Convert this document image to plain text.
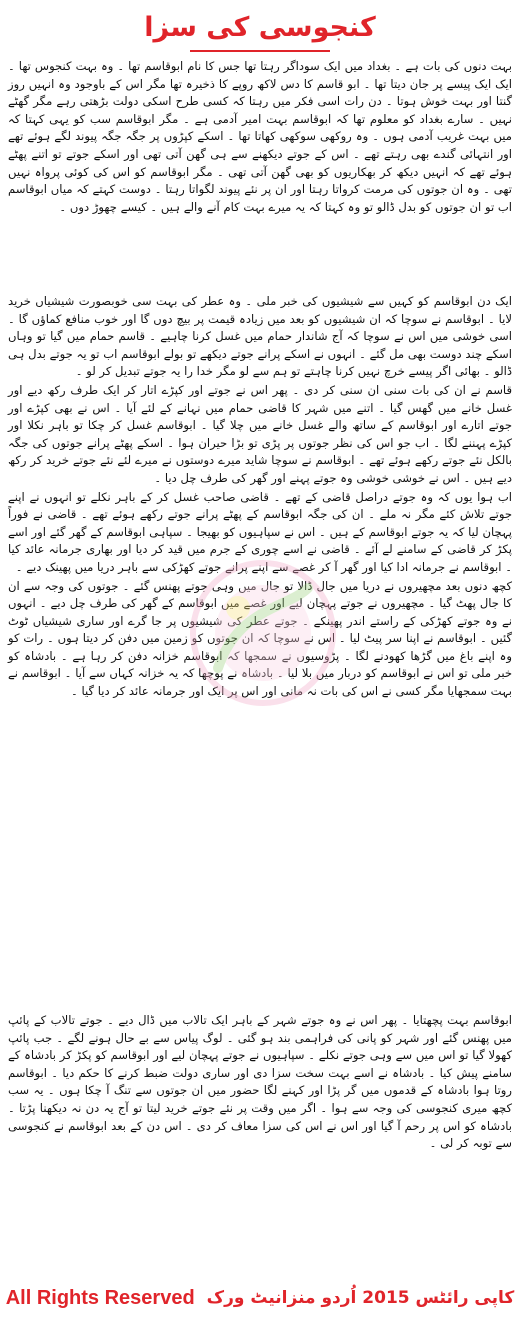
کنجوسی کی سزا

بہت دنوں کی بات ہے ۔ بغداد میں ایک سوداگر رہتا تھا جس کا نام ابوقاسم تھا ۔ وہ بہت کنجوس تھا ۔ ایک ایک پیسے پر جان دیتا تھا ۔ ابو قاسم کا دس لاکھ روپے کا ذخیرہ تھا مگر اس کے باوجود وہ انہیں روز گنتا اور بہت خوش ہوتا ۔ دن رات اسی فکر میں رہتا کہ کسی طرح اسکی دولت بڑھتی رہے مگر گھٹے نہیں ۔ سارے بغداد کو معلوم تھا کہ ابوقاسم بہت امیر آدمی ہے ۔ مگر ابوقاسم سب کو یہی کہتا کہ میں بہت غریب آدمی ہوں ۔ وہ روکھی سوکھی کھاتا تھا ۔ اسکے کپڑوں پر جگہ جگہ پیوند لگے ہوئے تھے اور انتہائی گندے بھی رہتے تھے ۔ اس کے جوتے دیکھنے سے ہی گھن آتی تھی اور اسکے جوتے تو اتنے پھٹے ہوئے تھے کہ انہیں دیکھ کر بھکاریوں کو بھی گھن آتی تھی ۔ مگر ابوقاسم کو اس کی کوئی پرواہ نہیں تھی ۔ وہ ان جوتوں کی مرمت کرواتا رہتا اور ان پر نئے پیوند لگواتا رہتا ۔ دوست کہتے کہ میاں ابوقاسم اب تو ان جوتوں کو بدل ڈالو تو وہ کہتا کہ یہ میرے بہت کام آنے والے ہیں ۔ کیسے چھوڑ دوں ۔

ایک دن ابوقاسم کو کہیں سے شیشیوں کی خبر ملی ۔ وہ عطر کی بہت سی خوبصورت شیشیاں خرید لایا ۔ ابوقاسم نے سوچا کہ ان شیشیوں کو بعد میں زیادہ قیمت پر بیچ دوں گا اور خوب منافع کماؤں گا ۔ اسی خوشی میں اس نے سوچا کہ آج شاندار حمام میں غسل کرنا چاہیے ۔ قاسم حمام میں گیا تو وہاں اسکے چند دوست بھی مل گئے ۔ انہوں نے اسکے پرانے جوتے دیکھے تو بولے ابوقاسم اب تو یہ جوتے بدل ہی ڈالو ۔ بھائی اگر پیسے خرچ نہیں کرنا چاہتے تو ہم سے لو مگر خدا را یہ جوتے تبدیل کر لو ۔

قاسم نے ان کی بات سنی ان سنی کر دی ۔ پھر اس نے جوتے اور کپڑے اتار کر ایک طرف رکھ دیے اور غسل خانے میں گھس گیا ۔ اتنے میں شہر کا قاضی حمام میں نہانے کے لئے آیا ۔ اس نے بھی کپڑے اور جوتے اتارے اور ابوقاسم کے ساتھ والے غسل خانے میں چلا گیا ۔ ابوقاسم غسل کر چکا تو باہر نکلا اور کپڑے پہننے لگا ۔ اب جو اس کی نظر جوتوں پر پڑی تو بڑا حیران ہوا ۔ اسکے پھٹے پرانے جوتوں کی جگہ بالکل نئے جوتے رکھے ہوئے تھے ۔ ابوقاسم نے سوچا شاید میرے دوستوں نے میرے لئے نئے جوتے خرید کر رکھ دیے ہیں ۔ اس نے خوشی خوشی وہ جوتے پہنے اور گھر کی طرف چل دیا ۔

اب ہوا یوں کہ وہ جوتے دراصل قاضی کے تھے ۔ قاضی صاحب غسل کر کے باہر نکلے تو انہوں نے اپنے جوتے تلاش کئے مگر نہ ملے ۔ ان کی جگہ ابوقاسم کے پھٹے پرانے جوتے رکھے ہوئے تھے ۔ قاضی نے فوراً پہچان لیا کہ یہ جوتے ابوقاسم کے ہیں ۔ اس نے سپاہیوں کو بھیجا ۔ سپاہی ابوقاسم کے گھر گئے اور اسے پکڑ کر قاضی کے سامنے لے آئے ۔ قاضی نے اسے چوری کے جرم میں قید کر دیا اور بھاری جرمانہ عائد کیا ۔ ابوقاسم نے جرمانہ ادا کیا اور گھر آ کر غصے سے اپنے پرانے جوتے کھڑکی سے باہر دریا میں پھینک دیے ۔

کچھ دنوں بعد مچھیروں نے دریا میں جال ڈالا تو جال میں وہی جوتے پھنس گئے ۔ جوتوں کی وجہ سے ان کا جال پھٹ گیا ۔ مچھیروں نے جوتے پہچان لیے اور غصے میں ابوقاسم کے گھر کی طرف چل دیے ۔ انہوں نے وہ جوتے کھڑکی کے راستے اندر پھینکے ۔ جوتے عطر کی شیشیوں پر جا گرے اور ساری شیشیاں ٹوٹ گئیں ۔ ابوقاسم نے اپنا سر پیٹ لیا ۔ اس نے سوچا کہ ان جوتوں کو زمین میں دفن کر دیتا ہوں ۔ رات کو وہ اپنے باغ میں گڑھا کھودنے لگا ۔ پڑوسیوں نے سمجھا کہ ابوقاسم خزانہ دفن کر رہا ہے ۔ بادشاہ کو خبر ملی تو اس نے ابوقاسم کو دربار میں بلا لیا ۔ بادشاہ نے پوچھا کہ یہ خزانہ کہاں سے آیا ۔ ابوقاسم نے بہت سمجھایا مگر کسی نے اس کی بات نہ مانی اور اس پر ایک اور جرمانہ عائد کر دیا گیا ۔

ابوقاسم بہت پچھتایا ۔ پھر اس نے وہ جوتے شہر کے باہر ایک تالاب میں ڈال دیے ۔ جوتے تالاب کے پائپ میں پھنس گئے اور شہر کو پانی کی فراہمی بند ہو گئی ۔ لوگ پیاس سے بے حال ہونے لگے ۔ جب پائپ کھولا گیا تو اس میں سے وہی جوتے نکلے ۔ سپاہیوں نے جوتے پہچان لیے اور ابوقاسم کو پکڑ کر بادشاہ کے سامنے پیش کیا ۔ بادشاہ نے اسے بہت سخت سزا دی اور ساری دولت ضبط کرنے کا حکم دیا ۔ ابوقاسم روتا ہوا بادشاہ کے قدموں میں گر پڑا اور کہنے لگا حضور میں ان جوتوں سے تنگ آ چکا ہوں ۔ یہ سب کچھ میری کنجوسی کی وجہ سے ہوا ۔ اگر میں وقت پر نئے جوتے خرید لیتا تو آج یہ دن نہ دیکھنا پڑتا ۔ بادشاہ کو اس پر رحم آ گیا اور اس نے اس کی سزا معاف کر دی ۔ اس دن کے بعد ابوقاسم نے کنجوسی سے توبہ کر لی ۔

All Rights Reserved کاپی رائٹس 2015 اُردو منزانیٹ ورک
